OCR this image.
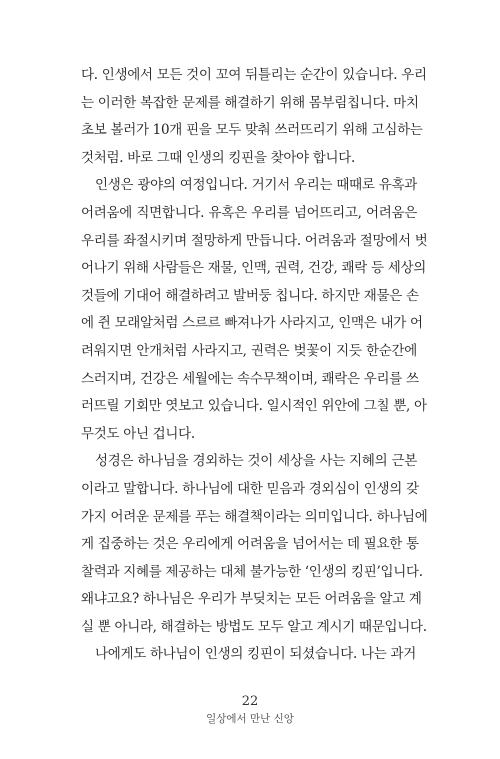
다. 인생에서 모든 것이 꼬여 뒤틀리는 순간이 있습니다. 우리
는 이러한 복잡한 문제를 해결하기 위해 몸부림칩니다. 마치
초보 볼러가 10개 핀을 모두 맞춰 쓰러뜨리기 위해 고심하는
것처럼. 바로 그때 인생의 킹핀을 찾아야 합니다.
인생은 광야의 여정입니다. 거기서 우리는 때때로 유혹과
어려움에 직면합니다. 유혹은 우리를 넘어뜨리고, 어려움은
우리를 좌절시키며 절망하게 만듭니다. 어려움과 절망에서 벗
어나기 위해 사람들은 재물, 인맥, 권력, 건강, 쾌락 등 세상의
것들에 기대어 해결하려고 발버둥 칩니다. 하지만 재물은 손
에 쥔 모래알처럼 스르르 빠져나가 사라지고, 인맥은 내가 어
려워지면 안개처럼 사라지고, 권력은 벚꽃이 지듯 한순간에
스러지며, 건강은 세월에는 속수무책이며, 쾌락은 우리를 쓰
러뜨릴 기회만 엿보고 있습니다. 일시적인 위안에 그칠 뿐, 아
무것도 아닌 겁니다.
성경은 하나님을 경외하는 것이 세상을 사는 지혜의 근본
이라고 말합니다. 하나님에 대한 믿음과 경외심이 인생의 갖
가지 어려운 문제를 푸는 해결책이라는 의미입니다. 하나님에
게 집중하는 것은 우리에게 어려움을 넘어서는 데 필요한 통
찰력과 지혜를 제공하는 대체 불가능한 ‘인생의 킹핀’입니다.
왜냐고요? 하나님은 우리가 부딪치는 모든 어려움을 알고 계
실 뿐 아니라, 해결하는 방법도 모두 알고 계시기 때문입니다.
나에게도 하나님이 인생의 킹핀이 되셨습니다. 나는 과거
22
일상에서 만난 신앙
